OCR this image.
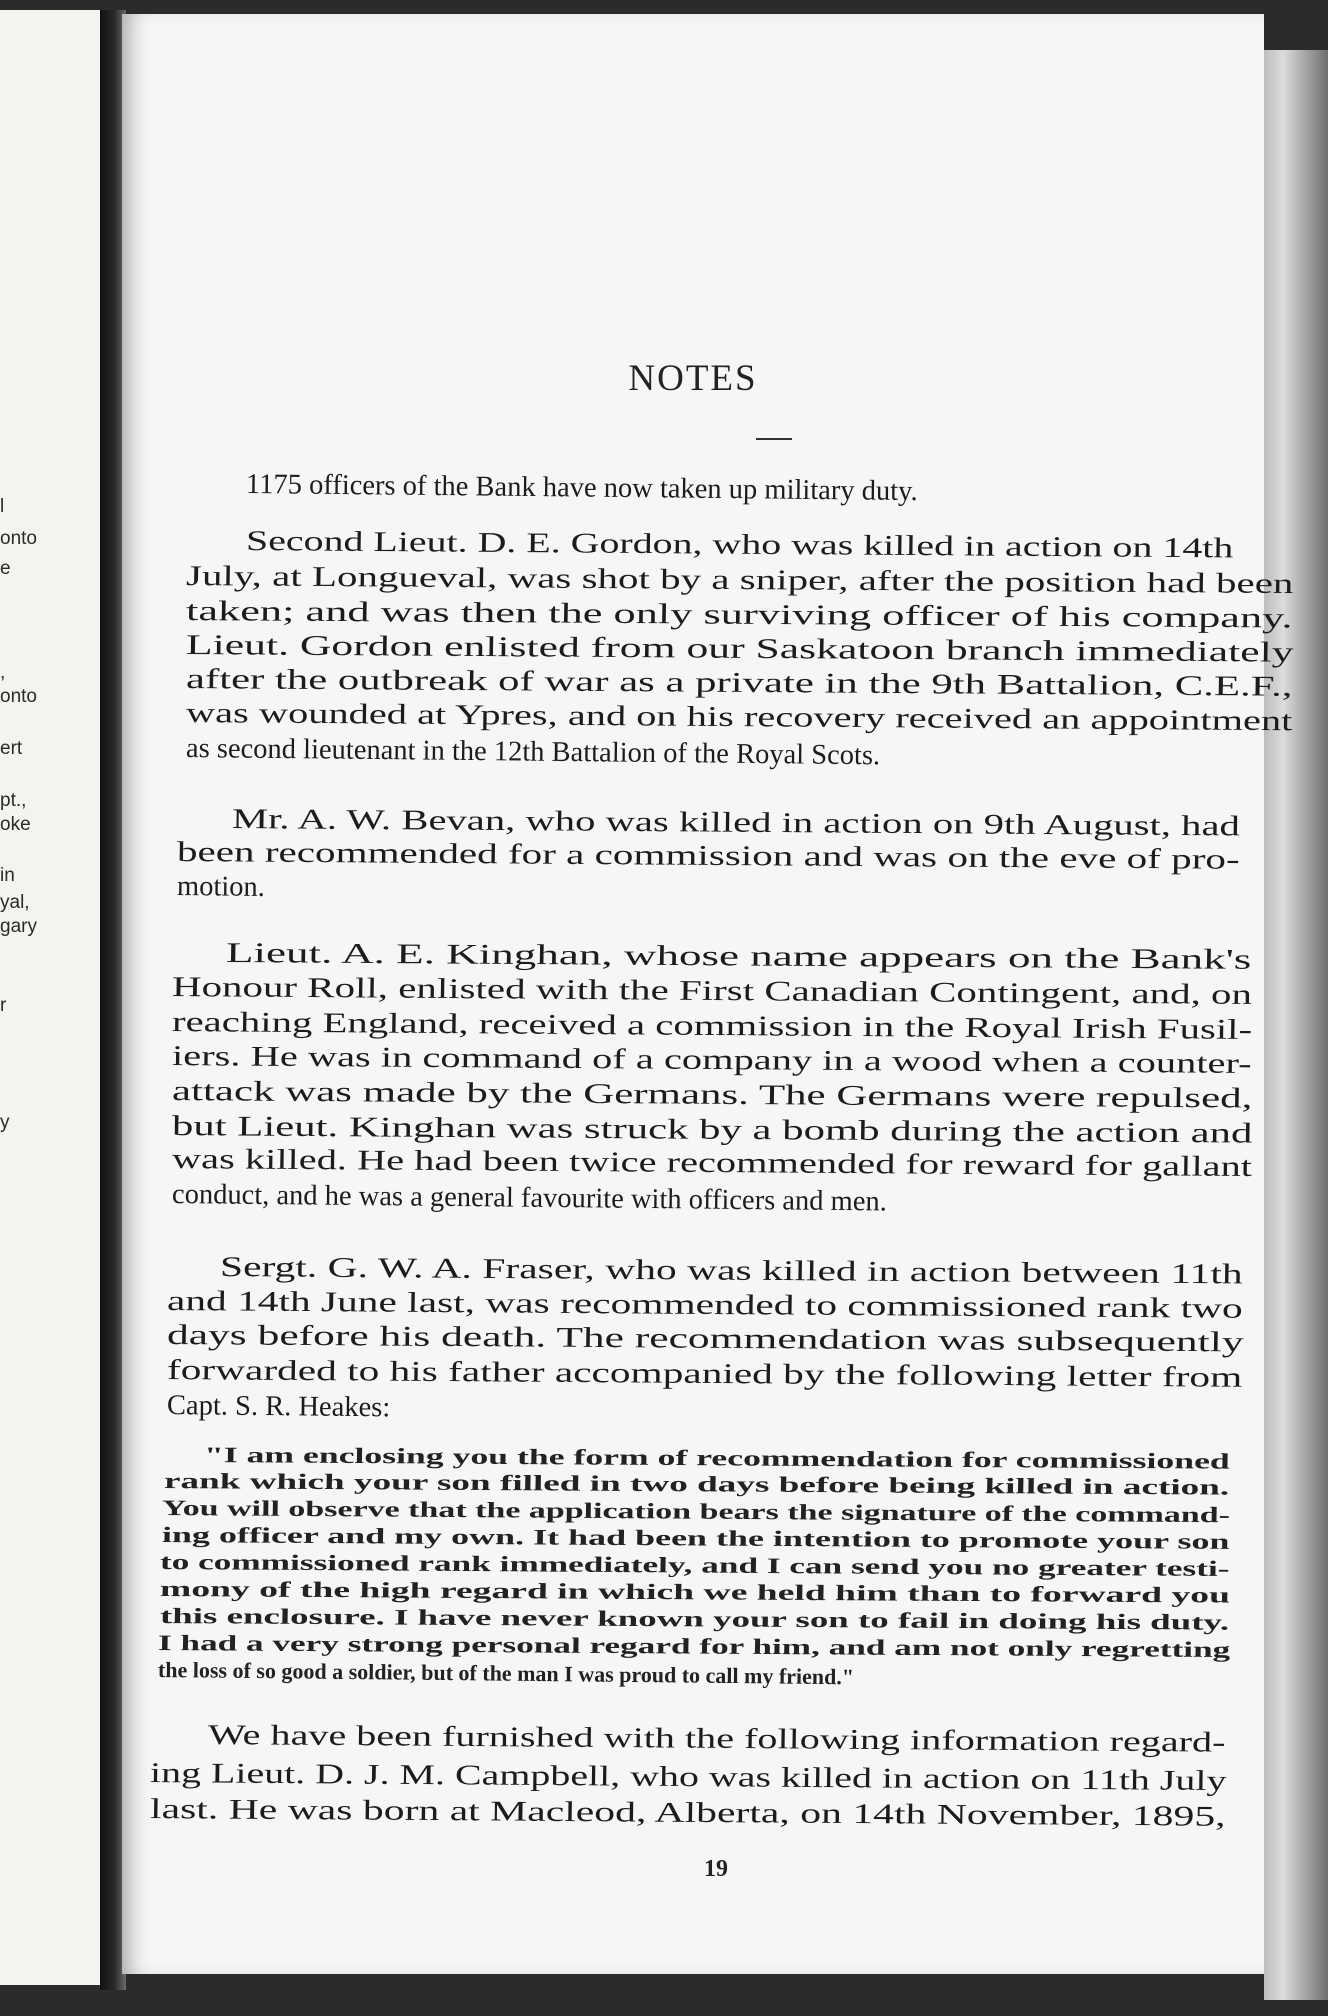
l
onto
e
,
onto
ert
pt.,
oke
in
yal,
gary
r
y
NOTES

1175 officers of the Bank have now taken up military duty.

Second Lieut. D. E. Gordon, who was killed in action on 14th

July, at Longueval, was shot by a sniper, after the position had been

taken; and was then the only surviving officer of his company.

Lieut. Gordon enlisted from our Saskatoon branch immediately

after the outbreak of war as a private in the 9th Battalion, C.E.F.,

was wounded at Ypres, and on his recovery received an appointment

as second lieutenant in the 12th Battalion of the Royal Scots.

Mr. A. W. Bevan, who was killed in action on 9th August, had

been recommended for a commission and was on the eve of pro-

motion.

Lieut. A. E. Kinghan, whose name appears on the Bank's

Honour Roll, enlisted with the First Canadian Contingent, and, on

reaching England, received a commission in the Royal Irish Fusil-

iers. He was in command of a company in a wood when a counter-

attack was made by the Germans. The Germans were repulsed,

but Lieut. Kinghan was struck by a bomb during the action and

was killed. He had been twice recommended for reward for gallant

conduct, and he was a general favourite with officers and men.

Sergt. G. W. A. Fraser, who was killed in action between 11th

and 14th June last, was recommended to commissioned rank two

days before his death. The recommendation was subsequently

forwarded to his father accompanied by the following letter from

Capt. S. R. Heakes:

"I am enclosing you the form of recommendation for commissioned

rank which your son filled in two days before being killed in action.

You will observe that the application bears the signature of the command-

ing officer and my own. It had been the intention to promote your son

to commissioned rank immediately, and I can send you no greater testi-

mony of the high regard in which we held him than to forward you

this enclosure. I have never known your son to fail in doing his duty.

I had a very strong personal regard for him, and am not only regretting

the loss of so good a soldier, but of the man I was proud to call my friend."

We have been furnished with the following information regard-

ing Lieut. D. J. M. Campbell, who was killed in action on 11th July

last. He was born at Macleod, Alberta, on 14th November, 1895,

19
